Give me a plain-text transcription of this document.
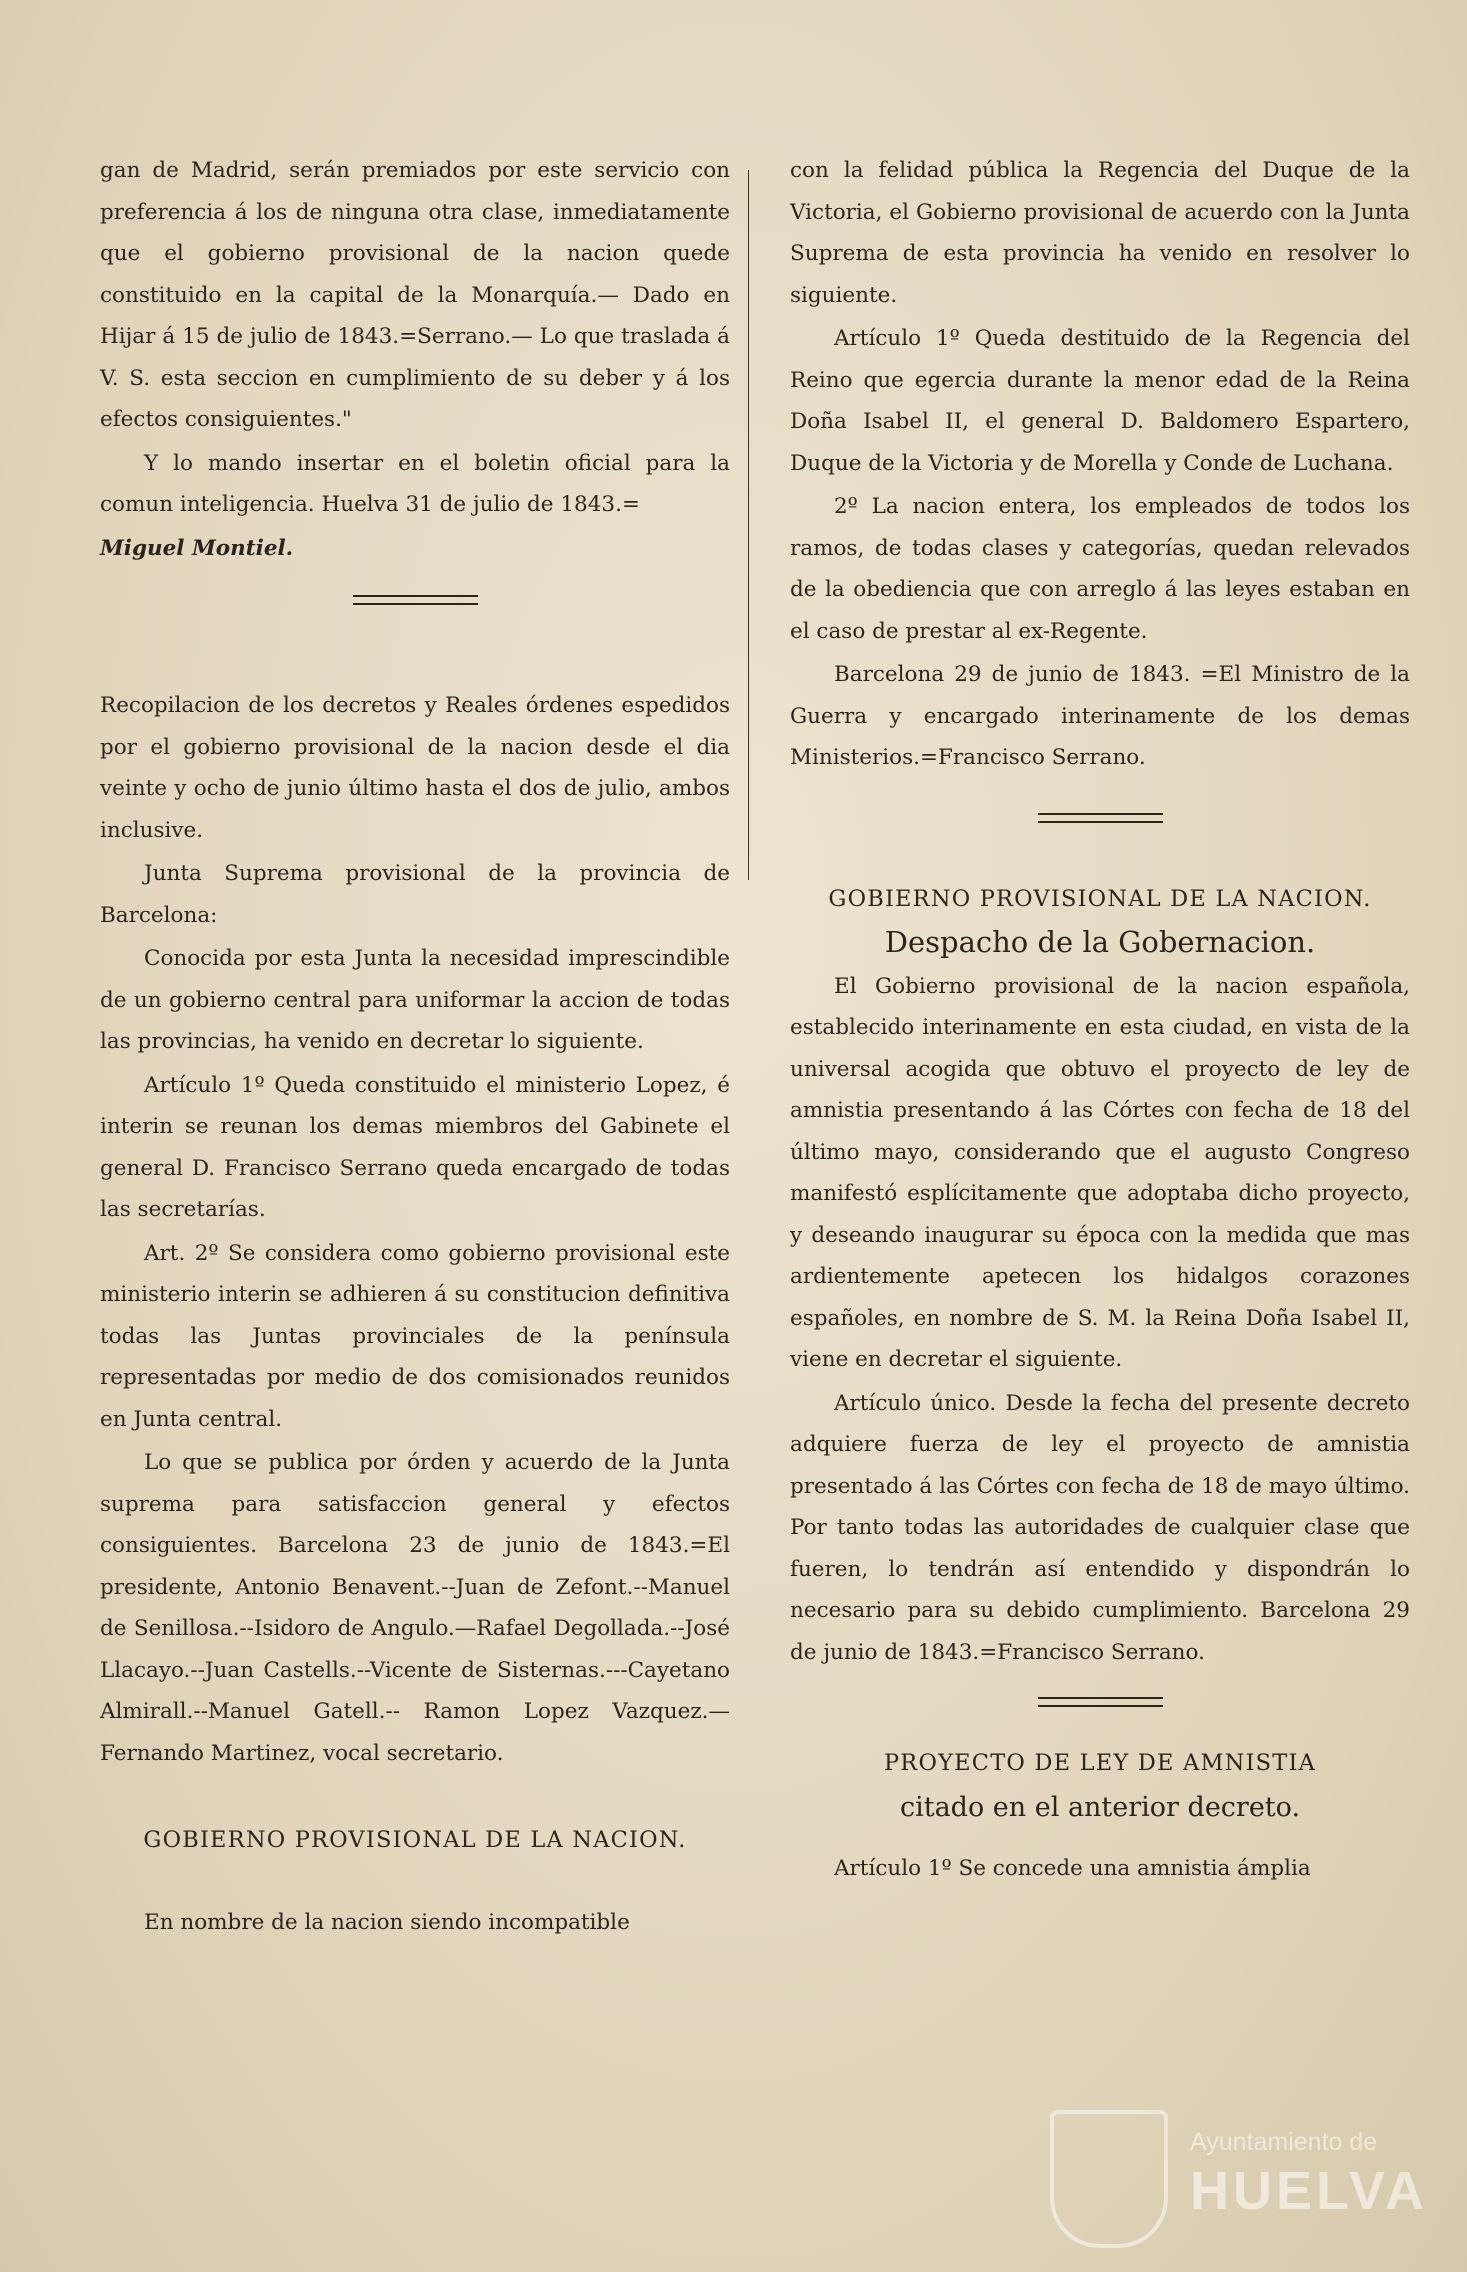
gan de Madrid, serán premiados por este servicio con preferencia á los de ninguna otra clase, inmediatamente que el gobierno provisional de la nacion quede constituido en la capital de la Monarquía.— Dado en Hijar á 15 de julio de 1843.=Serrano.— Lo que traslada á V. S. esta seccion en cumplimiento de su deber y á los efectos consiguientes."

Y lo mando insertar en el boletin oficial para la comun inteligencia. Huelva 31 de julio de 1843.=

Miguel Montiel.

Recopilacion de los decretos y Reales órdenes espedidos por el gobierno provisional de la nacion desde el dia veinte y ocho de junio último hasta el dos de julio, ambos inclusive.

Junta Suprema provisional de la provincia de Barcelona:

Conocida por esta Junta la necesidad imprescindible de un gobierno central para uniformar la accion de todas las provincias, ha venido en decretar lo siguiente.

Artículo 1º Queda constituido el ministerio Lopez, é interin se reunan los demas miembros del Gabinete el general D. Francisco Serrano queda encargado de todas las secretarías.

Art. 2º Se considera como gobierno provisional este ministerio interin se adhieren á su constitucion definitiva todas las Juntas provinciales de la península representadas por medio de dos comisionados reunidos en Junta central.

Lo que se publica por órden y acuerdo de la Junta suprema para satisfaccion general y efectos consiguientes. Barcelona 23 de junio de 1843.=El presidente, Antonio Benavent.--Juan de Zefont.--Manuel de Senillosa.--Isidoro de Angulo.—Rafael Degollada.--José Llacayo.--Juan Castells.--Vicente de Sisternas.---Cayetano Almirall.--Manuel Gatell.-- Ramon Lopez Vazquez.—Fernando Martinez, vocal secretario.

GOBIERNO PROVISIONAL DE LA NACION.

En nombre de la nacion siendo incompatible

con la felidad pública la Regencia del Duque de la Victoria, el Gobierno provisional de acuerdo con la Junta Suprema de esta provincia ha venido en resolver lo siguiente.

Artículo 1º Queda destituido de la Regencia del Reino que egercia durante la menor edad de la Reina Doña Isabel II, el general D. Baldomero Espartero, Duque de la Victoria y de Morella y Conde de Luchana.

2º La nacion entera, los empleados de todos los ramos, de todas clases y categorías, quedan relevados de la obediencia que con arreglo á las leyes estaban en el caso de prestar al ex-Regente.

Barcelona 29 de junio de 1843. =El Ministro de la Guerra y encargado interinamente de los demas Ministerios.=Francisco Serrano.

GOBIERNO PROVISIONAL DE LA NACION.

Despacho de la Gobernacion.

El Gobierno provisional de la nacion española, establecido interinamente en esta ciudad, en vista de la universal acogida que obtuvo el proyecto de ley de amnistia presentando á las Córtes con fecha de 18 del último mayo, considerando que el augusto Congreso manifestó esplícitamente que adoptaba dicho proyecto, y deseando inaugurar su época con la medida que mas ardientemente apetecen los hidalgos corazones españoles, en nombre de S. M. la Reina Doña Isabel II, viene en decretar el siguiente.

Artículo único. Desde la fecha del presente decreto adquiere fuerza de ley el proyecto de amnistia presentado á las Córtes con fecha de 18 de mayo último. Por tanto todas las autoridades de cualquier clase que fueren, lo tendrán así entendido y dispondrán lo necesario para su debido cumplimiento. Barcelona 29 de junio de 1843.=Francisco Serrano.

PROYECTO DE LEY DE AMNISTIA

citado en el anterior decreto.

Artículo 1º Se concede una amnistia ámplia

Ayuntamiento de
HUELVA
